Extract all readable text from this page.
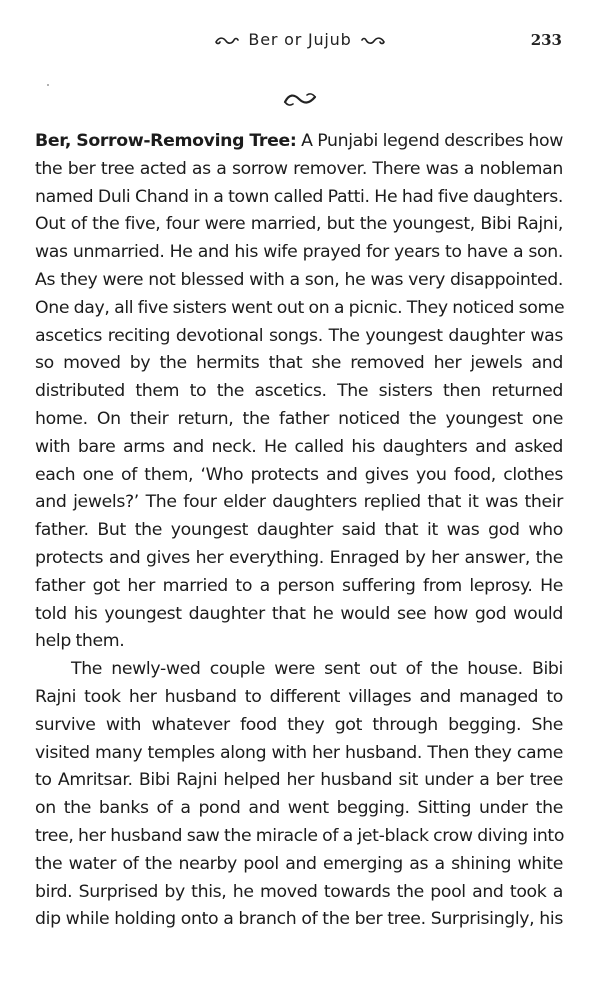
Ber or Jujub	233
Ber, Sorrow-Removing Tree: A Punjabi legend describes how
the ber tree acted as a sorrow remover. There was a nobleman
named Duli Chand in a town called Patti. He had five daughters.
Out of the five, four were married, but the youngest, Bibi Rajni,
was unmarried. He and his wife prayed for years to have a son.
As they were not blessed with a son, he was very disappointed.
One day, all five sisters went out on a picnic. They noticed some
ascetics reciting devotional songs. The youngest daughter was
so moved by the hermits that she removed her jewels and
distributed them to the ascetics. The sisters then returned
home. On their return, the father noticed the youngest one
with bare arms and neck. He called his daughters and asked
each one of them, ‘Who protects and gives you food, clothes
and jewels?’ The four elder daughters replied that it was their
father. But the youngest daughter said that it was god who
protects and gives her everything. Enraged by her answer, the
father got her married to a person suffering from leprosy. He
told his youngest daughter that he would see how god would
help them.
The newly-wed couple were sent out of the house. Bibi
Rajni took her husband to different villages and managed to
survive with whatever food they got through begging. She
visited many temples along with her husband. Then they came
to Amritsar. Bibi Rajni helped her husband sit under a ber tree
on the banks of a pond and went begging. Sitting under the
tree, her husband saw the miracle of a jet-black crow diving into
the water of the nearby pool and emerging as a shining white
bird. Surprised by this, he moved towards the pool and took a
dip while holding onto a branch of the ber tree. Surprisingly, his
